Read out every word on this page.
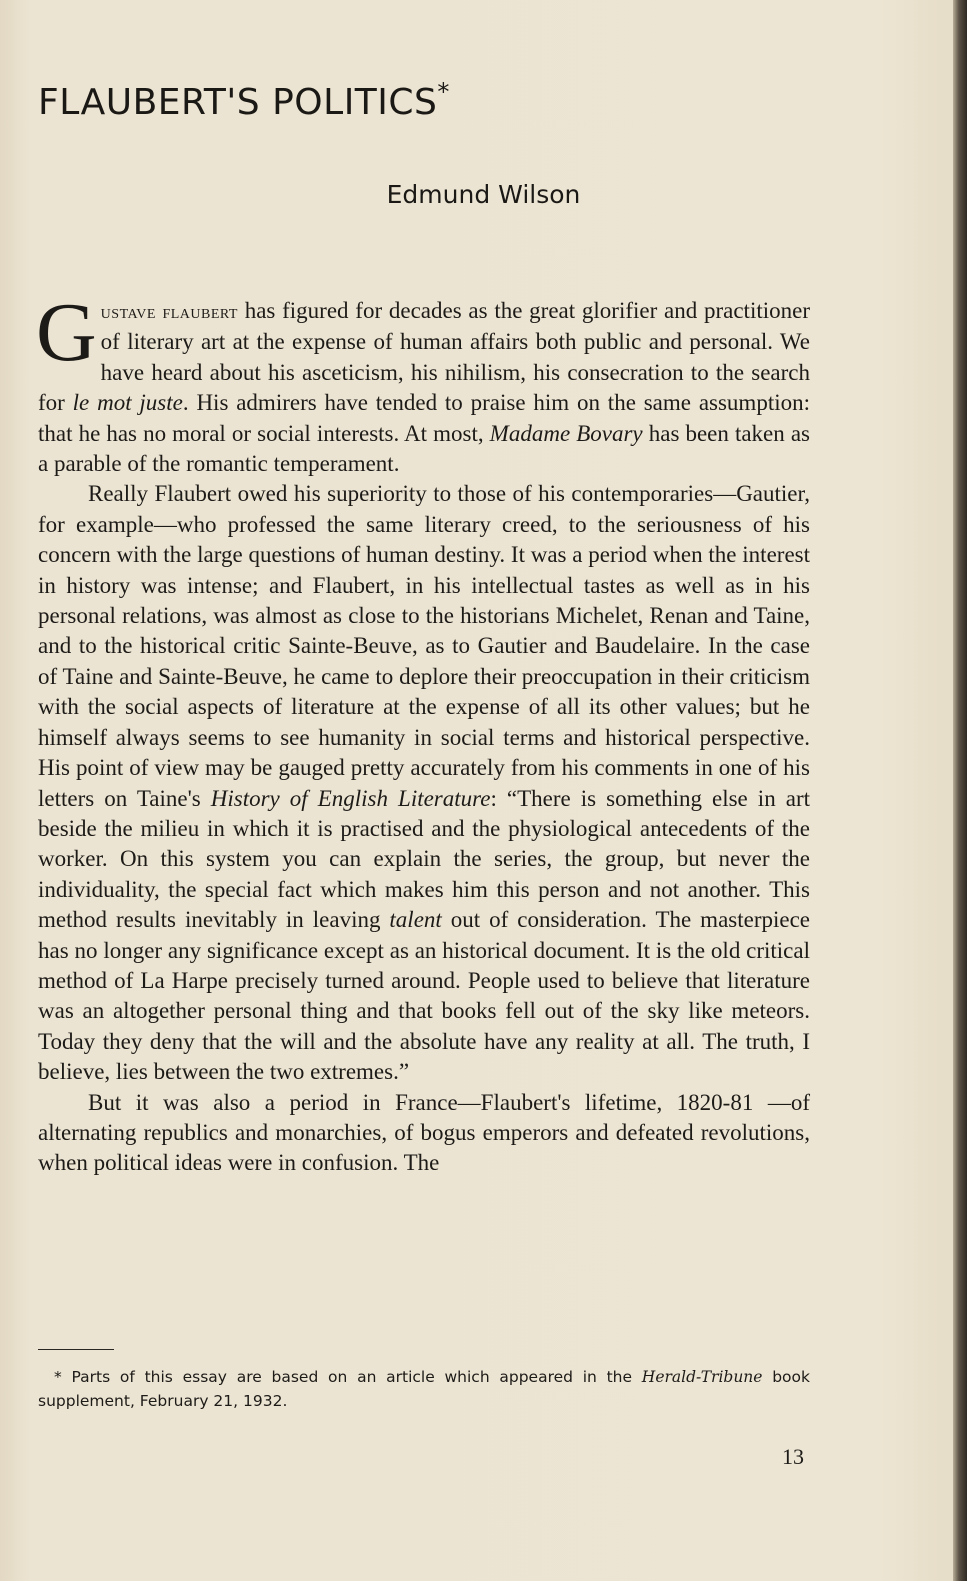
FLAUBERT'S POLITICS*
Edmund Wilson

Gustave flaubert has figured for decades as the great glorifier and practitioner of literary art at the expense of human affairs both public and personal. We have heard about his asceticism, his nihilism, his consecration to the search for le mot juste. His admirers have tended to praise him on the same assumption: that he has no moral or social interests. At most, Madame Bovary has been taken as a parable of the romantic temperament.

Really Flaubert owed his superiority to those of his contemporaries—Gautier, for example—who professed the same literary creed, to the seriousness of his concern with the large questions of human destiny. It was a period when the interest in history was intense; and Flaubert, in his intellectual tastes as well as in his personal relations, was almost as close to the historians Michelet, Renan and Taine, and to the historical critic Sainte-Beuve, as to Gautier and Baudelaire. In the case of Taine and Sainte-Beuve, he came to deplore their preoccupation in their criticism with the social aspects of literature at the expense of all its other values; but he himself always seems to see humanity in social terms and historical perspective. His point of view may be gauged pretty accurately from his comments in one of his letters on Taine's History of English Literature: “There is something else in art beside the milieu in which it is practised and the physiological antecedents of the worker. On this system you can explain the series, the group, but never the individuality, the special fact which makes him this person and not another. This method results inevitably in leaving talent out of consideration. The masterpiece has no longer any significance except as an historical document. It is the old critical method of La Harpe precisely turned around. People used to believe that literature was an altogether personal thing and that books fell out of the sky like meteors. Today they deny that the will and the absolute have any reality at all. The truth, I believe, lies between the two extremes.”

But it was also a period in France—Flaubert's lifetime, 1820-81 —of alternating republics and monarchies, of bogus emperors and defeated revolutions, when political ideas were in confusion. The

* Parts of this essay are based on an article which appeared in the Herald-Tribune book supplement, February 21, 1932.
13
